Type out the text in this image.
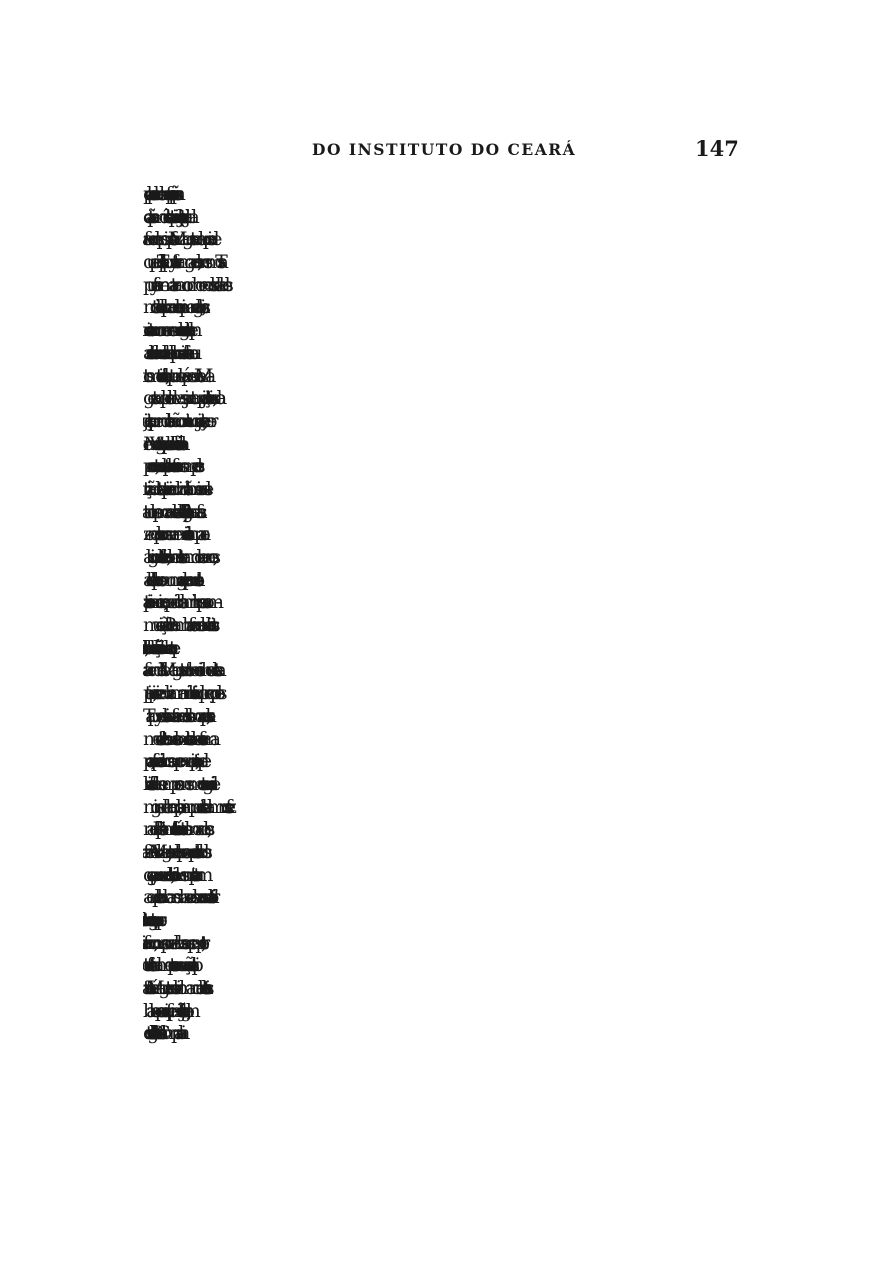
DO INSTITUTO DO CEARÁ	147
culpados se prendessem e que para se fazerem as prisões
o capitão-mór desta capitania desse a justiça toda ajuda
e favor despois que se fez a V. Magestade a queixa de
que aquelles Tapuyas furtaram gados, os mesmos Ta-
puyas feriram e mataram com horrendas crueldades
muitos daquelles moradores queimando alguns vivos; e
continuaram com os mesmos roubos dos gados que tem
assolado as fazendas daquelles moradores e fizeram ou-
tros muitos delictos, o que tudo será presente a V. Ma-
gestade pela devassa junta que a justiça tirou; indo a
justiça a prende-los a não continuou a justiça, e recor-
remos a V. Magestade representando-lhe não só os males
presentes, mas que estes barbaros foram sempre a des-
truição desta capitania reduzindo-a a tão miseravel es-
tado que os moradores daquella Ribeira largaram as fa-
zendas por conservarem as vidas e se retiraram para o
abrigo desta fortaleza, donde estiveram doze annos, e
aquelles barbaros com uma cruel guerra pondo esta ca-
pitania em cerca, impedindo os caminhos para a com-
municação de Pernambuco e fazendo as maiores hosti-
lidades, testemunho será a diminuição do rendimento que
a fazenda de V. Magestade teve nos disimos desta ca-
pitania, pois se reduziram a mui limitado preço pelos
Tapuyas destruirem as fazendas dos morados, para re-
medio de tantos males com estes barbaros se fez uma
paz, que foi mais danosa que conveniente, pois que de-
baixo della fizeram sempre os mesmos estragos de ini-
migos declarados, para impedir estes damnos se fez
naquella Ribeira uma fortaleza á custa dos moradores,
fazendo V. Magestade a despesa que custa os soldados
que a guarnecem, e debaixo da mesma paz intentaram
aquelles barbaros duas vezes levar a escala a dita for-
taleza, e continuaram com os mesmos estragos que sempre
fizeram, como se prova da devassa que se remette; por
todos estes fundamentos para a conservação desta capi-
tania será V. Magestade servido mandar destruir estes
barbaros para que fiquemos livres de tão cruel jugo; em
duas Aldeias deste gentio assistem Padres da Companhia
